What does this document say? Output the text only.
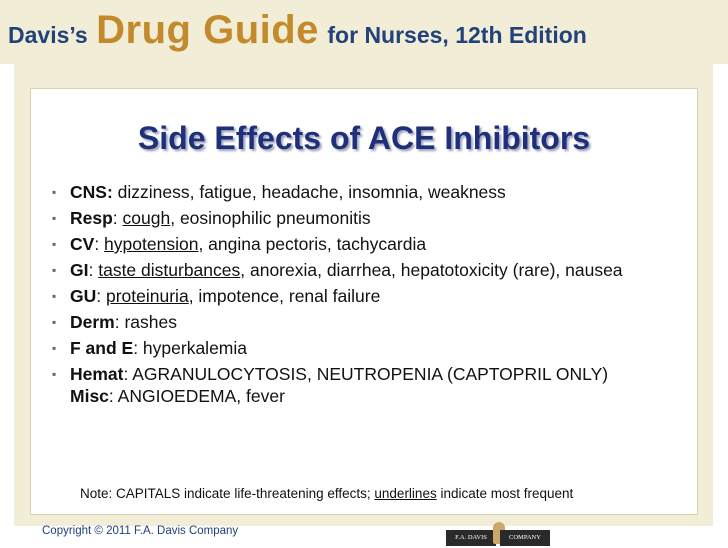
Davis’s Drug Guide for Nurses, 12th Edition
Side Effects of ACE Inhibitors
▪ CNS: dizziness, fatigue, headache, insomnia, weakness
▪ Resp: cough, eosinophilic pneumonitis
▪ CV: hypotension, angina pectoris, tachycardia
▪ GI: taste disturbances, anorexia, diarrhea, hepatotoxicity (rare), nausea
▪ GU: proteinuria, impotence, renal failure
▪ Derm: rashes
▪ F and E: hyperkalemia
▪ Hemat: AGRANULOCYTOSIS, NEUTROPENIA (CAPTOPRIL ONLY)
Misc: ANGIOEDEMA, fever
Note: CAPITALS indicate life-threatening effects; underlines indicate most frequent
Copyright © 2011 F.A. Davis Company
F.A. DAVIS	COMPANY
